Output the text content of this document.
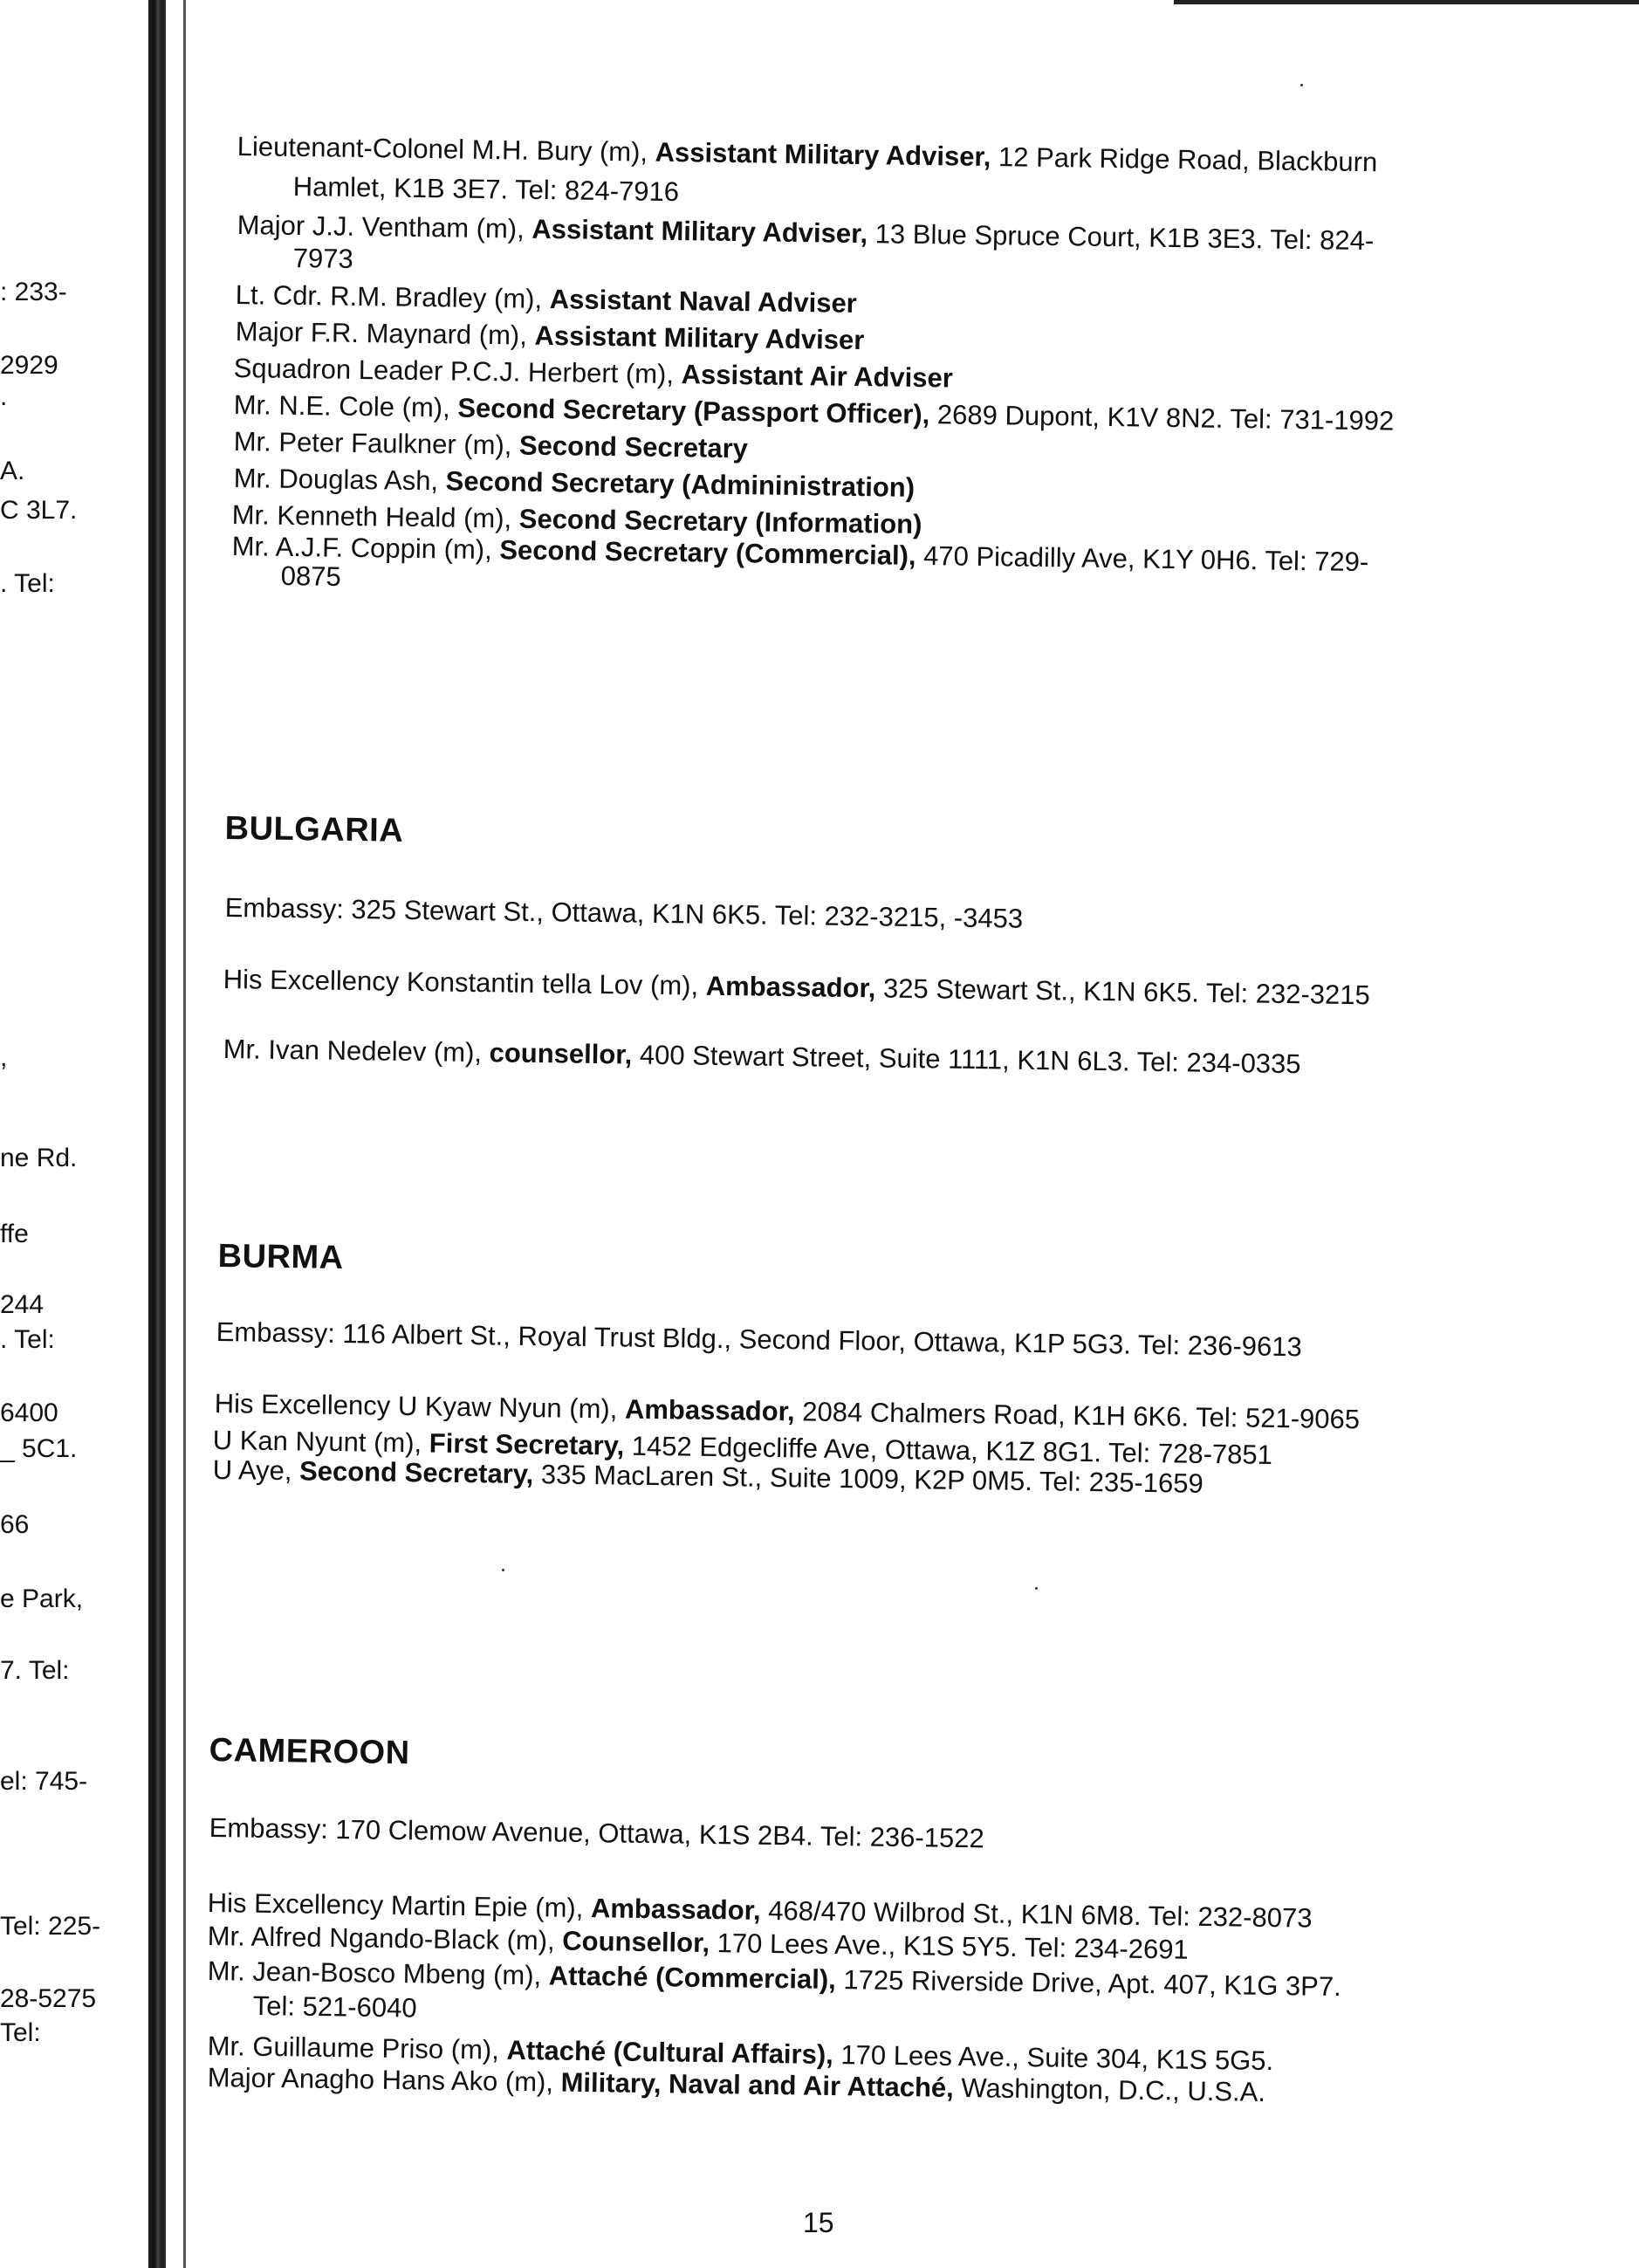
: 233-
2929
.
A.
C 3L7.
. Tel:
,
ne Rd.
ffe
244
. Tel:
6400
_ 5C1.
66
e Park,
7. Tel:
el: 745-
Tel: 225-
28-5275
Tel:
Lieutenant-Colonel M.H. Bury (m), Assistant Military Adviser, 12 Park Ridge Road, Blackburn
Hamlet, K1B 3E7. Tel: 824-7916
Major J.J. Ventham (m), Assistant Military Adviser, 13 Blue Spruce Court, K1B 3E3. Tel: 824-
7973
Lt. Cdr. R.M. Bradley (m), Assistant Naval Adviser
Major F.R. Maynard (m), Assistant Military Adviser
Squadron Leader P.C.J. Herbert (m), Assistant Air Adviser
Mr. N.E. Cole (m), Second Secretary (Passport Officer), 2689 Dupont, K1V 8N2. Tel: 731-1992
Mr. Peter Faulkner (m), Second Secretary
Mr. Douglas Ash, Second Secretary (Admininistration)
Mr. Kenneth Heald (m), Second Secretary (Information)
Mr. A.J.F. Coppin (m), Second Secretary (Commercial), 470 Picadilly Ave, K1Y 0H6. Tel: 729-
0875
BULGARIA
Embassy: 325 Stewart St., Ottawa, K1N 6K5. Tel: 232-3215, -3453
His Excellency Konstantin tella Lov (m), Ambassador, 325 Stewart St., K1N 6K5. Tel: 232-3215
Mr. Ivan Nedelev (m), counsellor, 400 Stewart Street, Suite 1111, K1N 6L3. Tel: 234-0335
BURMA
Embassy: 116 Albert St., Royal Trust Bldg., Second Floor, Ottawa, K1P 5G3. Tel: 236-9613
His Excellency U Kyaw Nyun (m), Ambassador, 2084 Chalmers Road, K1H 6K6. Tel: 521-9065
U Kan Nyunt (m), First Secretary, 1452 Edgecliffe Ave, Ottawa, K1Z 8G1. Tel: 728-7851
U Aye, Second Secretary, 335 MacLaren St., Suite 1009, K2P 0M5. Tel: 235-1659
CAMEROON
Embassy: 170 Clemow Avenue, Ottawa, K1S 2B4. Tel: 236-1522
His Excellency Martin Epie (m), Ambassador, 468/470 Wilbrod St., K1N 6M8. Tel: 232-8073
Mr. Alfred Ngando-Black (m), Counsellor, 170 Lees Ave., K1S 5Y5. Tel: 234-2691
Mr. Jean-Bosco Mbeng (m), Attaché (Commercial), 1725 Riverside Drive, Apt. 407, K1G 3P7.
Tel: 521-6040
Mr. Guillaume Priso (m), Attaché (Cultural Affairs), 170 Lees Ave., Suite 304, K1S 5G5.
Major Anagho Hans Ako (m), Military, Naval and Air Attaché, Washington, D.C., U.S.A.
15
